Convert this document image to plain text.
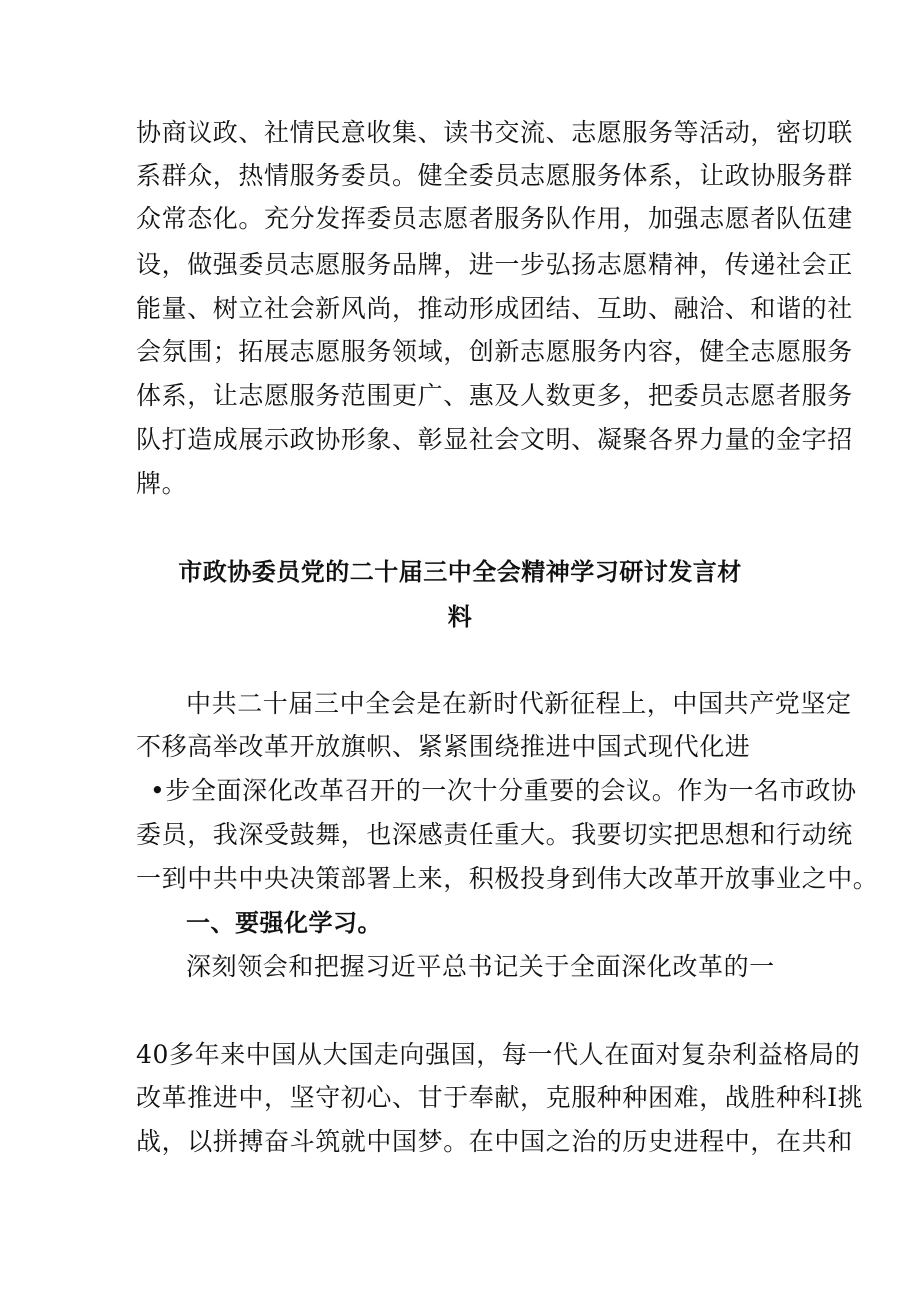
协商议政、社情民意收集、读书交流、志愿服务等活动，密切联
系群众，热情服务委员。健全委员志愿服务体系，让政协服务群
众常态化。充分发挥委员志愿者服务队作用，加强志愿者队伍建
设，做强委员志愿服务品牌，进一步弘扬志愿精神，传递社会正
能量、树立社会新风尚，推动形成团结、互助、融洽、和谐的社
会氛围；拓展志愿服务领域，创新志愿服务内容，健全志愿服务
体系，让志愿服务范围更广、惠及人数更多，把委员志愿者服务
队打造成展示政协形象、彰显社会文明、凝聚各界力量的金字招
牌。
市政协委员党的二十届三中全会精神学习研讨发言材
料
中共二十届三中全会是在新时代新征程上，中国共产党坚定
不移高举改革开放旗帜、紧紧围绕推进中国式现代化进
•步全面深化改革召开的一次十分重要的会议。作为一名市政协
委员，我深受鼓舞，也深感责任重大。我要切实把思想和行动统
一到中共中央决策部署上来，积极投身到伟大改革开放事业之中。
一、要强化学习。
深刻领会和把握习近平总书记关于全面深化改革的一
40多年来中国从大国走向强国，每一代人在面对复杂利益格局的
改革推进中，坚守初心、甘于奉献，克服种种困难，战胜种科I挑
战，以拼搏奋斗筑就中国梦。在中国之治的历史进程中，在共和
